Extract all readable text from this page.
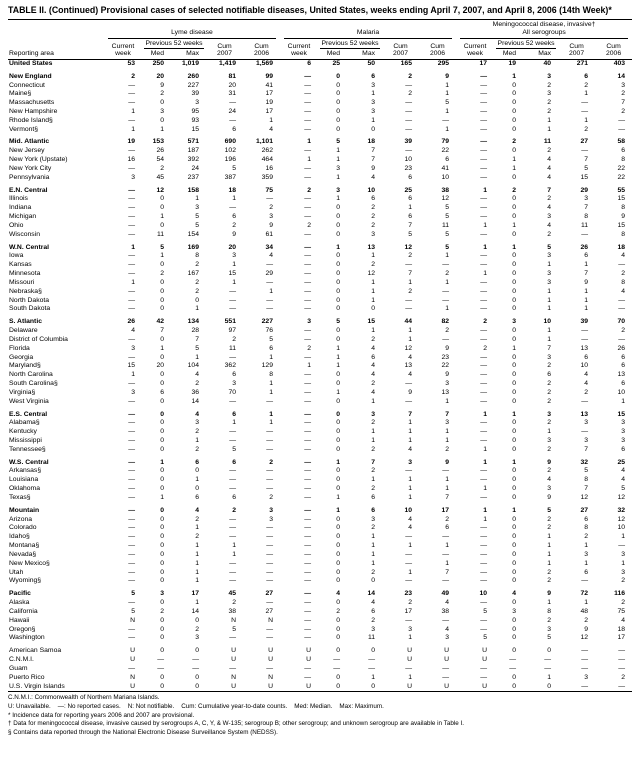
TABLE II. (Continued) Provisional cases of selected notifiable diseases, United States, weeks ending April 7, 2007, and April 8, 2006 (14th Week)*
Reporting area	Lyme disease					Malaria					Meningococcal disease, invasive†
All serogroups				

	Current week	Previous 52 weeks		Cum 2007	Cum 2006	Current week	Previous 52 weeks		Cum 2007	Cum 2006	Current week	Previous 52 weeks		Cum 2007	Cum 2006
		Med	Max				Med	Max				Med	Max		
United States	53	250	1,019	1,419	1,569	6	25	50	165	295	17	19	40	271	403
New England	2	20	260	81	99	—	0	6	2	9	—	1	3	6	14
Connecticut	—	9	227	20	41	—	0	3	—	1	—	0	2	2	3
Maine§	—	2	39	31	17	—	0	1	2	1	—	0	3	1	2
Massachusetts	—	0	3	—	19	—	0	3	—	5	—	0	2	—	7
New Hampshire	1	3	95	24	17	—	0	3	—	1	—	0	2	—	2
Rhode Island§	—	0	93	—	1	—	0	1	—	—	—	0	1	1	—
Vermont§	1	1	15	6	4	—	0	0	—	1	—	0	1	2	—
Mid. Atlantic	19	153	571	690	1,101	1	5	18	39	79	—	2	11	27	58
New Jersey	—	26	187	102	262	—	1	7	—	22	—	0	2	—	6
New York (Upstate)	16	54	392	196	464	1	1	7	10	6	—	1	4	7	8
New York City	—	2	24	5	16	—	3	9	23	41	—	1	4	5	22
Pennsylvania	3	45	237	387	359	—	1	4	6	10	—	0	4	15	22
E.N. Central	—	12	158	18	75	2	3	10	25	38	1	2	7	29	55
Illinois	—	0	1	1	—	—	1	6	6	12	—	0	2	3	15
Indiana	—	0	3	—	2	—	0	2	1	5	—	0	4	7	8
Michigan	—	1	5	6	3	—	0	2	6	5	—	0	3	8	9
Ohio	—	0	5	2	9	2	0	2	7	11	1	1	4	11	15
Wisconsin	—	11	154	9	61	—	0	3	5	5	—	0	2	—	8
W.N. Central	1	5	169	20	34	—	1	13	12	5	1	1	5	26	18
Iowa	—	1	8	3	4	—	0	1	2	1	—	0	3	6	4
Kansas	—	0	2	1	—	—	0	2	—	—	—	0	1	1	—
Minnesota	—	2	167	15	29	—	0	12	7	2	1	0	3	7	2
Missouri	1	0	2	1	—	—	0	1	1	1	—	0	3	9	8
Nebraska§	—	0	2	—	1	—	0	1	2	—	—	0	1	1	4
North Dakota	—	0	0	—	—	—	0	1	—	—	—	0	1	1	—
South Dakota	—	0	1	—	—	—	0	0	—	1	—	0	1	1	—
S. Atlantic	26	42	134	551	227	3	5	15	44	82	2	3	10	39	70
Delaware	4	7	28	97	76	—	0	1	1	2	—	0	1	—	2
District of Columbia	—	0	7	2	5	—	0	2	1	—	—	0	1	—	—
Florida	3	1	5	11	6	2	1	4	12	9	2	1	7	13	26
Georgia	—	0	1	—	1	—	1	6	4	23	—	0	3	6	6
Maryland§	15	20	104	362	129	1	1	4	13	22	—	0	2	10	6
North Carolina	1	0	4	6	8	—	0	4	4	9	—	0	6	4	13
South Carolina§	—	0	2	3	1	—	0	2	—	3	—	0	2	4	6
Virginia§	3	6	36	70	1	—	1	4	9	13	—	0	2	2	10
West Virginia	—	0	14	—	—	—	0	1	—	1	—	0	2	—	1
E.S. Central	—	0	4	6	1	—	0	3	7	7	1	1	3	13	15
Alabama§	—	0	3	1	1	—	0	2	1	3	—	0	2	3	3
Kentucky	—	0	2	—	—	—	0	1	1	1	—	0	1	—	3
Mississippi	—	0	1	—	—	—	0	1	1	1	—	0	3	3	3
Tennessee§	—	0	2	5	—	—	0	2	4	2	1	0	2	7	6
W.S. Central	—	1	6	6	2	—	1	7	3	9	1	1	9	32	25
Arkansas§	—	0	0	—	—	—	0	2	—	—	—	0	2	5	4
Louisiana	—	0	1	—	—	—	0	1	1	1	—	0	4	8	4
Oklahoma	—	0	0	—	—	—	0	2	1	1	1	0	3	7	5
Texas§	—	1	6	6	2	—	1	6	1	7	—	0	9	12	12
Mountain	—	0	4	2	3	—	1	6	10	17	1	1	5	27	32
Arizona	—	0	2	—	3	—	0	3	4	2	1	0	2	6	12
Colorado	—	0	1	—	—	—	0	2	4	6	—	0	2	8	10
Idaho§	—	0	2	—	—	—	0	1	—	—	—	0	1	2	1
Montana§	—	0	1	1	—	—	0	1	1	1	—	0	1	1	—
Nevada§	—	0	1	1	—	—	0	1	—	—	—	0	1	3	3
New Mexico§	—	0	1	—	—	—	0	1	—	1	—	0	1	1	1
Utah	—	0	1	—	—	—	0	2	1	7	—	0	2	6	3
Wyoming§	—	0	1	—	—	—	0	0	—	—	—	0	2	—	2
Pacific	5	3	17	45	27	—	4	14	23	49	10	4	9	72	116
Alaska	—	0	1	2	—	—	0	4	2	4	—	0	1	1	2
California	5	2	14	38	27	—	2	6	17	38	5	3	8	48	75
Hawaii	N	0	0	N	N	—	0	2	—	—	—	0	2	2	4
Oregon§	—	0	2	5	—	—	0	3	3	4	—	0	3	9	18
Washington	—	0	3	—	—	—	0	11	1	3	5	0	5	12	17
American Samoa	U	0	0	U	U	U	0	0	U	U	U	0	0	—	—
C.N.M.I.	U	—	—	U	U	U	—	—	U	U	U	—	—	—	—
Guam	—	—	—	—	—	—	—	—	—	—	—	—	—	—	—
Puerto Rico	N	0	0	N	N	—	0	1	1	—	—	0	1	3	2
U.S. Virgin Islands	U	0	0	U	U	U	0	0	U	U	U	0	0	—	—
C.N.M.I.: Commonwealth of Northern Mariana Islands.
U: Unavailable.    —: No reported cases.    N: Not notifiable.    Cum: Cumulative year-to-date counts.    Med: Median.    Max: Maximum.
* Incidence data for reporting years 2006 and 2007 are provisional.
† Data for meningococcal disease, invasive caused by serogroups A, C, Y, & W-135; serogroup B; other serogroup; and unknown serogroup are available in Table I.
§ Contains data reported through the National Electronic Disease Surveillance System (NEDSS).
